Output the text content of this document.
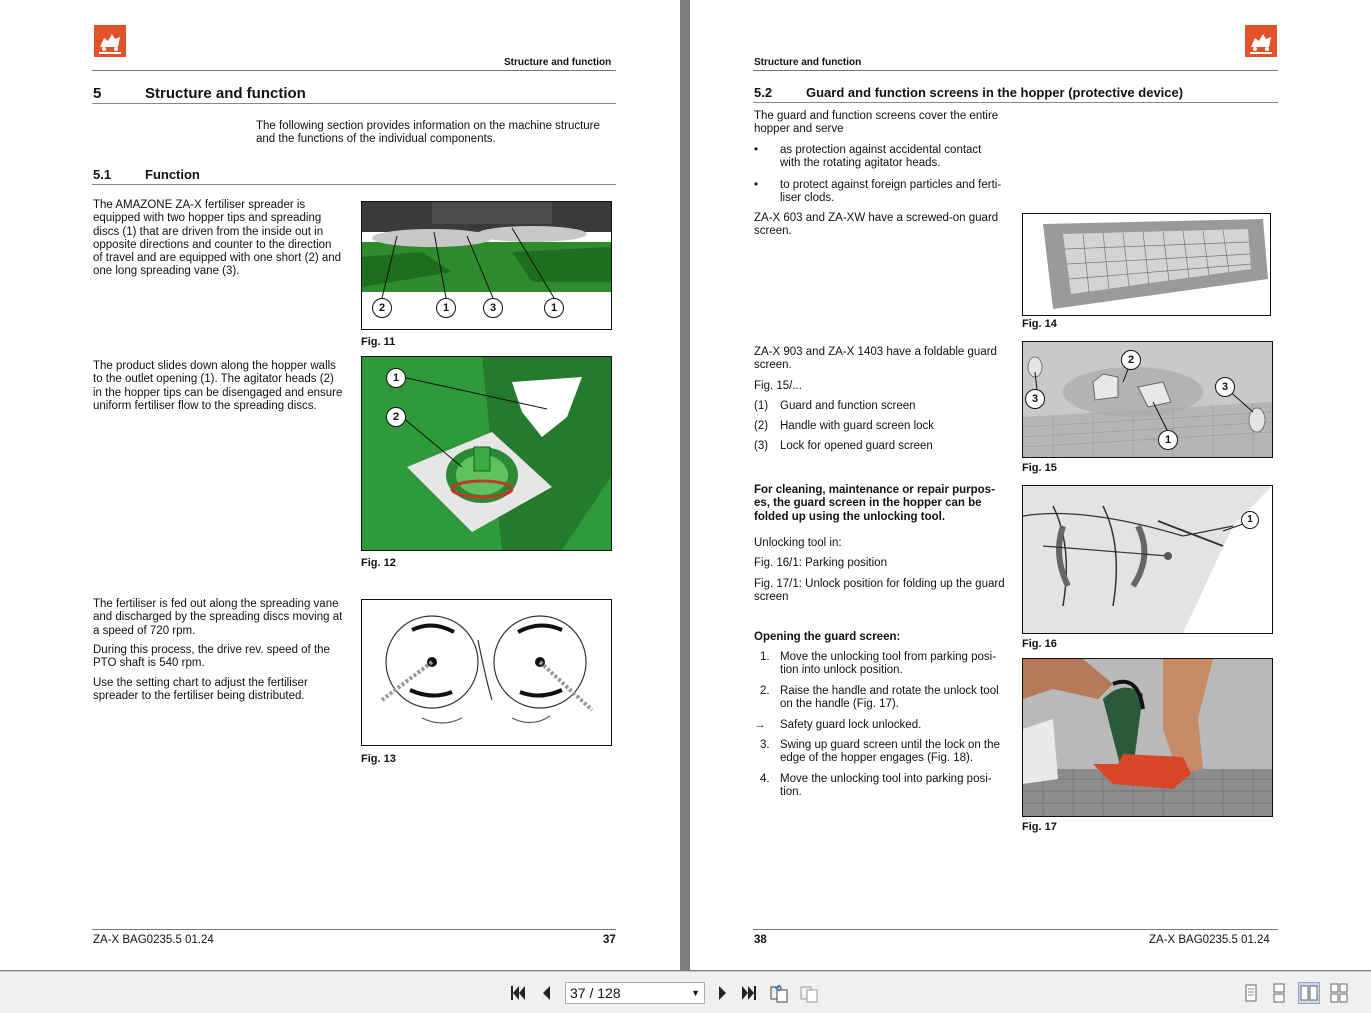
Structure and function
5	Structure and function
The following section provides information on the machine structure
and the functions of the individual components.
5.1	Function
The AMAZONE ZA-X fertiliser spreader is
equipped with two hopper tips and spreading
discs (1) that are driven from the inside out in
opposite directions and counter to the direction
of travel and are equipped with one short (2) and
one long spreading vane (3).
2	1	3	1
Fig. 11
The product slides down along the hopper walls
to the outlet opening (1). The agitator heads (2)
in the hopper tips can be disengaged and ensure
uniform fertiliser flow to the spreading discs.
1
2
Fig. 12
The fertiliser is fed out along the spreading vane
and discharged by the spreading discs moving at
a speed of 720 rpm.
During this process, the drive rev. speed of the
PTO shaft is 540 rpm.
Use the setting chart to adjust the fertiliser
spreader to the fertiliser being distributed.
Fig. 13
ZA-X BAG0235.5 01.24	37
Structure and function
5.2	Guard and function screens in the hopper (protective device)
The guard and function screens cover the entire
hopper and serve
• as protection against accidental contact
with the rotating agitator heads.
• to protect against foreign particles and ferti-
liser clods.
ZA-X 603 and ZA-XW have a screwed-on guard
screen.
Fig. 14
ZA-X 903 and ZA-X 1403 have a foldable guard
screen.
Fig. 15/...
(1) Guard and function screen
(2) Handle with guard screen lock
(3) Lock for opened guard screen
3
2
3
1
Fig. 15
For cleaning, maintenance or repair purpos-
es, the guard screen in the hopper can be
folded up using the unlocking tool.
Unlocking tool in:
Fig. 16/1: Parking position
Fig. 17/1: Unlock position for folding up the guard
screen
1
Fig. 16
Opening the guard screen:
1. Move the unlocking tool from parking posi-
tion into unlock position.
2. Raise the handle and rotate the unlock tool
on the handle (Fig. 17).
→ Safety guard lock unlocked.
3. Swing up guard screen until the lock on the
edge of the hopper engages (Fig. 18).
4. Move the unlocking tool into parking posi-
tion.
Fig. 17
38	ZA-X BAG0235.5 01.24
37 / 128	▼
